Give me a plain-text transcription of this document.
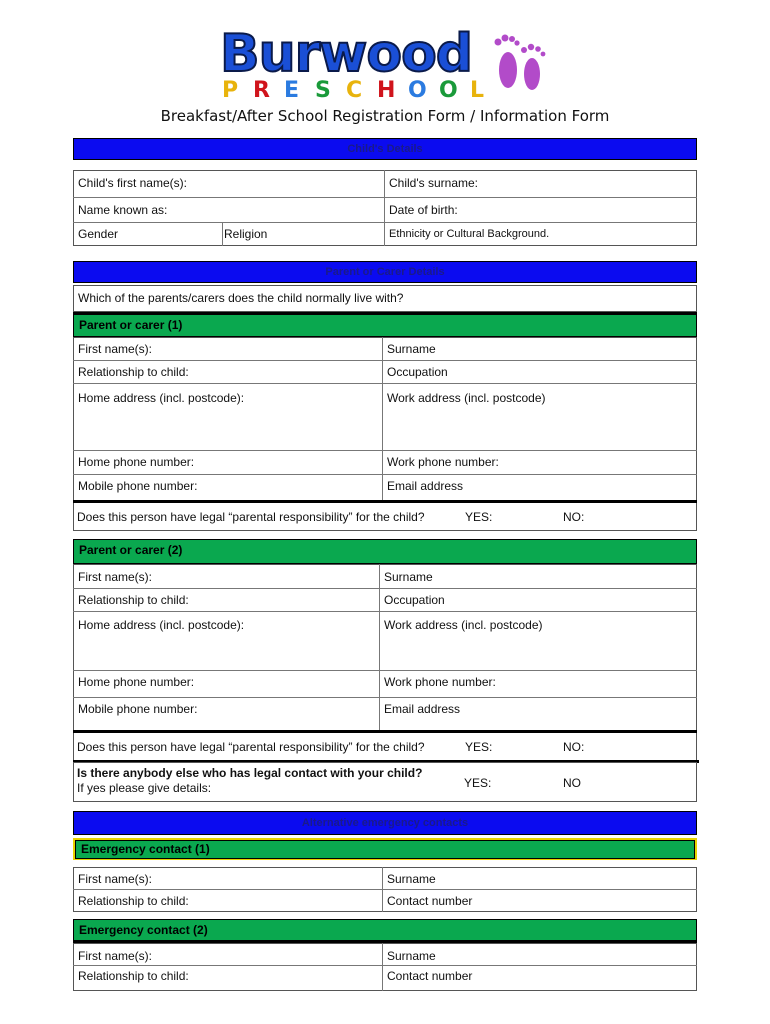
Burwood
P R E S C H O O L
Breakfast/After School Registration Form / Information Form
Child's Details
Child's first name(s):	Child's surname:
Name known as:	Date of birth:
Gender	Religion	Ethnicity or Cultural Background.
Parent or Carer Details
Which of the parents/carers does the child normally live with?
Parent or carer (1)
First name(s):	Surname
Relationship to child:	Occupation
Home address (incl. postcode):	Work address (incl. postcode)
Home phone number:	Work phone number:
Mobile phone number:	Email address
Does this person have legal “parental responsibility” for the child?	YES:	NO:
Parent or carer (2)
First name(s):	Surname
Relationship to child:	Occupation
Home address (incl. postcode):	Work address (incl. postcode)
Home phone number:	Work phone number:
Mobile phone number:	Email address
Does this person have legal “parental responsibility” for the child?	YES:	NO:
Is there anybody else who has legal contact with your child?
If yes please give details:	YES:	NO
Alternative emergency contacts
Emergency contact (1)
First name(s):	Surname
Relationship to child:	Contact number
Emergency contact (2)
First name(s):	Surname
Relationship to child:	Contact number
